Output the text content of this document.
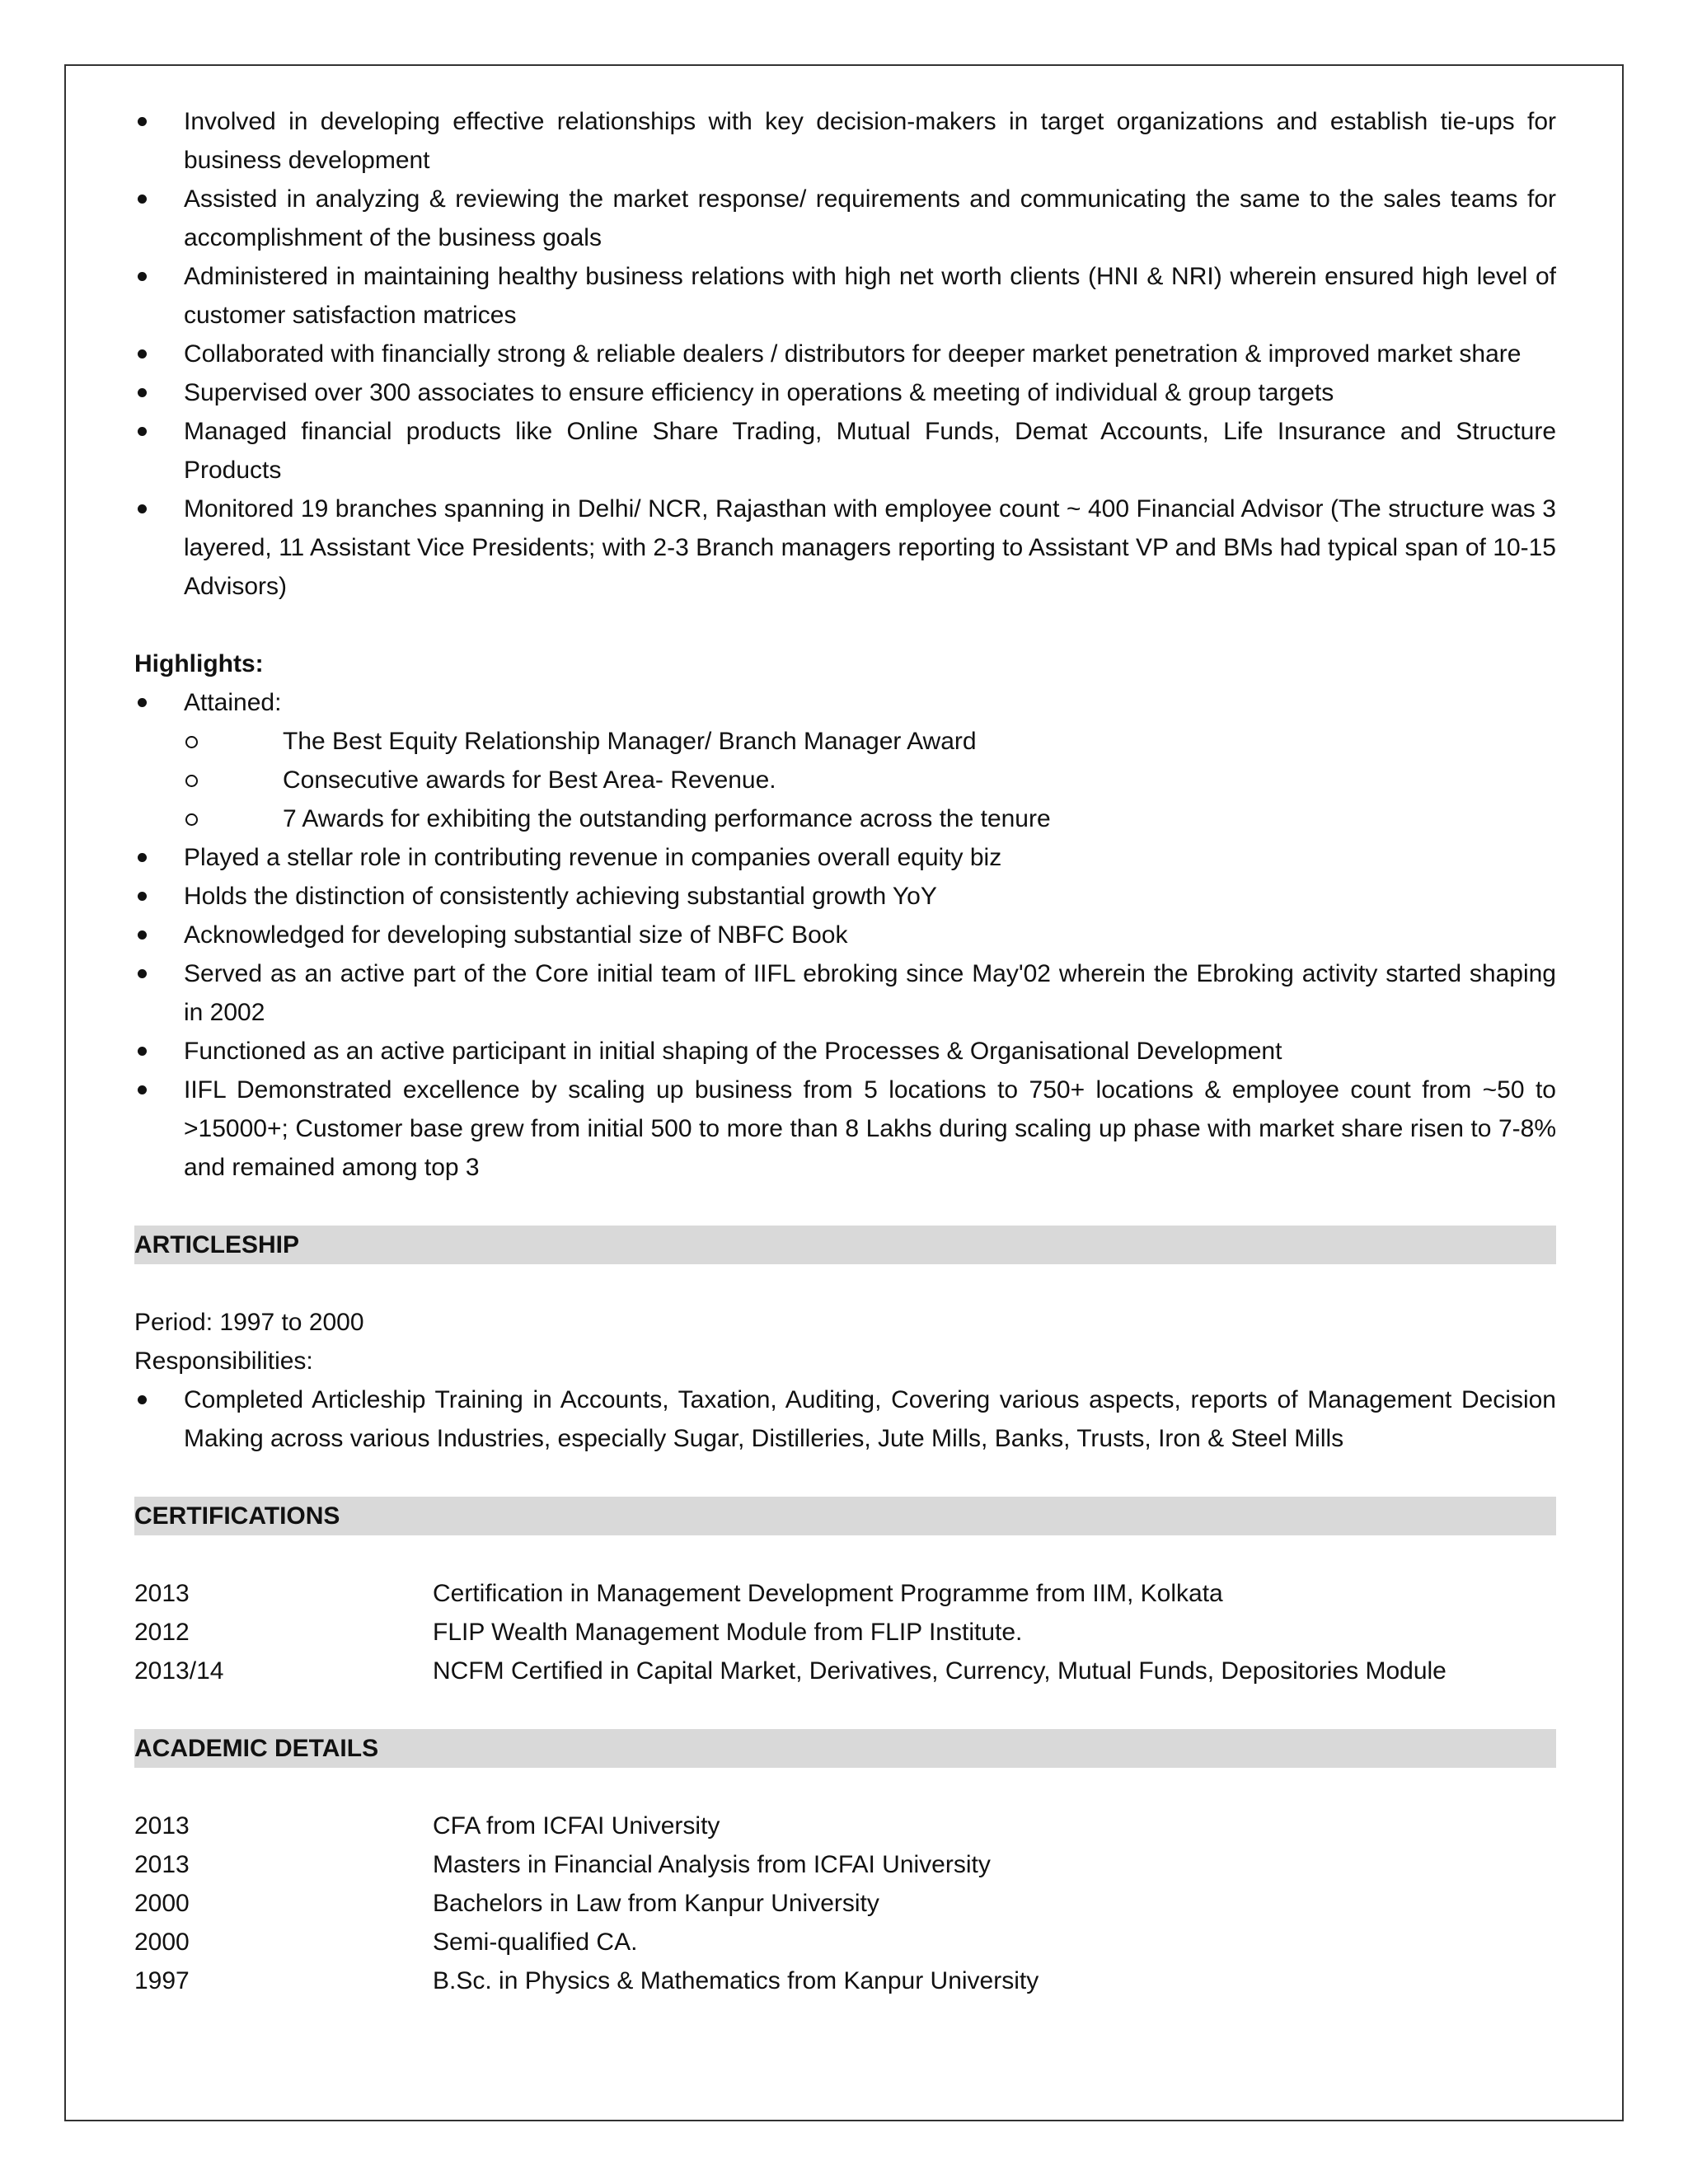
Involved in developing effective relationships with key decision-makers in target organizations and establish tie-ups for business development
Assisted in analyzing & reviewing the market response/ requirements and communicating the same to the sales teams for accomplishment of the business goals
Administered in maintaining healthy business relations with high net worth clients (HNI & NRI) wherein ensured high level of customer satisfaction matrices
Collaborated with financially strong & reliable dealers / distributors for deeper market penetration & improved market share
Supervised over 300 associates to ensure efficiency in operations & meeting of individual & group targets
Managed financial products like Online Share Trading, Mutual Funds, Demat Accounts, Life Insurance and Structure Products
Monitored 19 branches spanning in Delhi/ NCR, Rajasthan with employee count ~ 400 Financial Advisor (The structure was 3 layered, 11 Assistant Vice Presidents; with 2-3 Branch managers reporting to Assistant VP and BMs had typical span of 10-15 Advisors)
Highlights:
Attained:
The Best Equity Relationship Manager/ Branch Manager Award
Consecutive awards for Best Area- Revenue.
7 Awards for exhibiting the outstanding performance across the tenure
Played a stellar role in contributing revenue in companies overall equity biz
Holds the distinction of consistently achieving substantial growth YoY
Acknowledged for developing substantial size of NBFC Book
Served as an active part of the Core initial team of IIFL ebroking since May'02 wherein the Ebroking activity started shaping in 2002
Functioned as an active participant in initial shaping of the Processes & Organisational Development
IIFL Demonstrated excellence by scaling up business from 5 locations to 750+ locations & employee count from ~50 to >15000+; Customer base grew from initial 500 to more than 8 Lakhs during scaling up phase with market share risen to 7-8% and remained among top 3
ARTICLESHIP
Period: 1997 to 2000
Responsibilities:
Completed Articleship Training in Accounts, Taxation, Auditing, Covering various aspects, reports of Management Decision Making across various Industries, especially Sugar, Distilleries, Jute Mills, Banks, Trusts, Iron & Steel Mills
CERTIFICATIONS
2013	Certification in Management Development Programme from IIM, Kolkata
2012	FLIP Wealth Management Module from FLIP Institute.
2013/14	NCFM Certified in Capital Market, Derivatives, Currency, Mutual Funds, Depositories Module
ACADEMIC DETAILS
2013	CFA from ICFAI University
2013	Masters in Financial Analysis from ICFAI University
2000	Bachelors in Law from Kanpur University
2000	Semi-qualified CA.
1997	B.Sc. in Physics & Mathematics from Kanpur University
